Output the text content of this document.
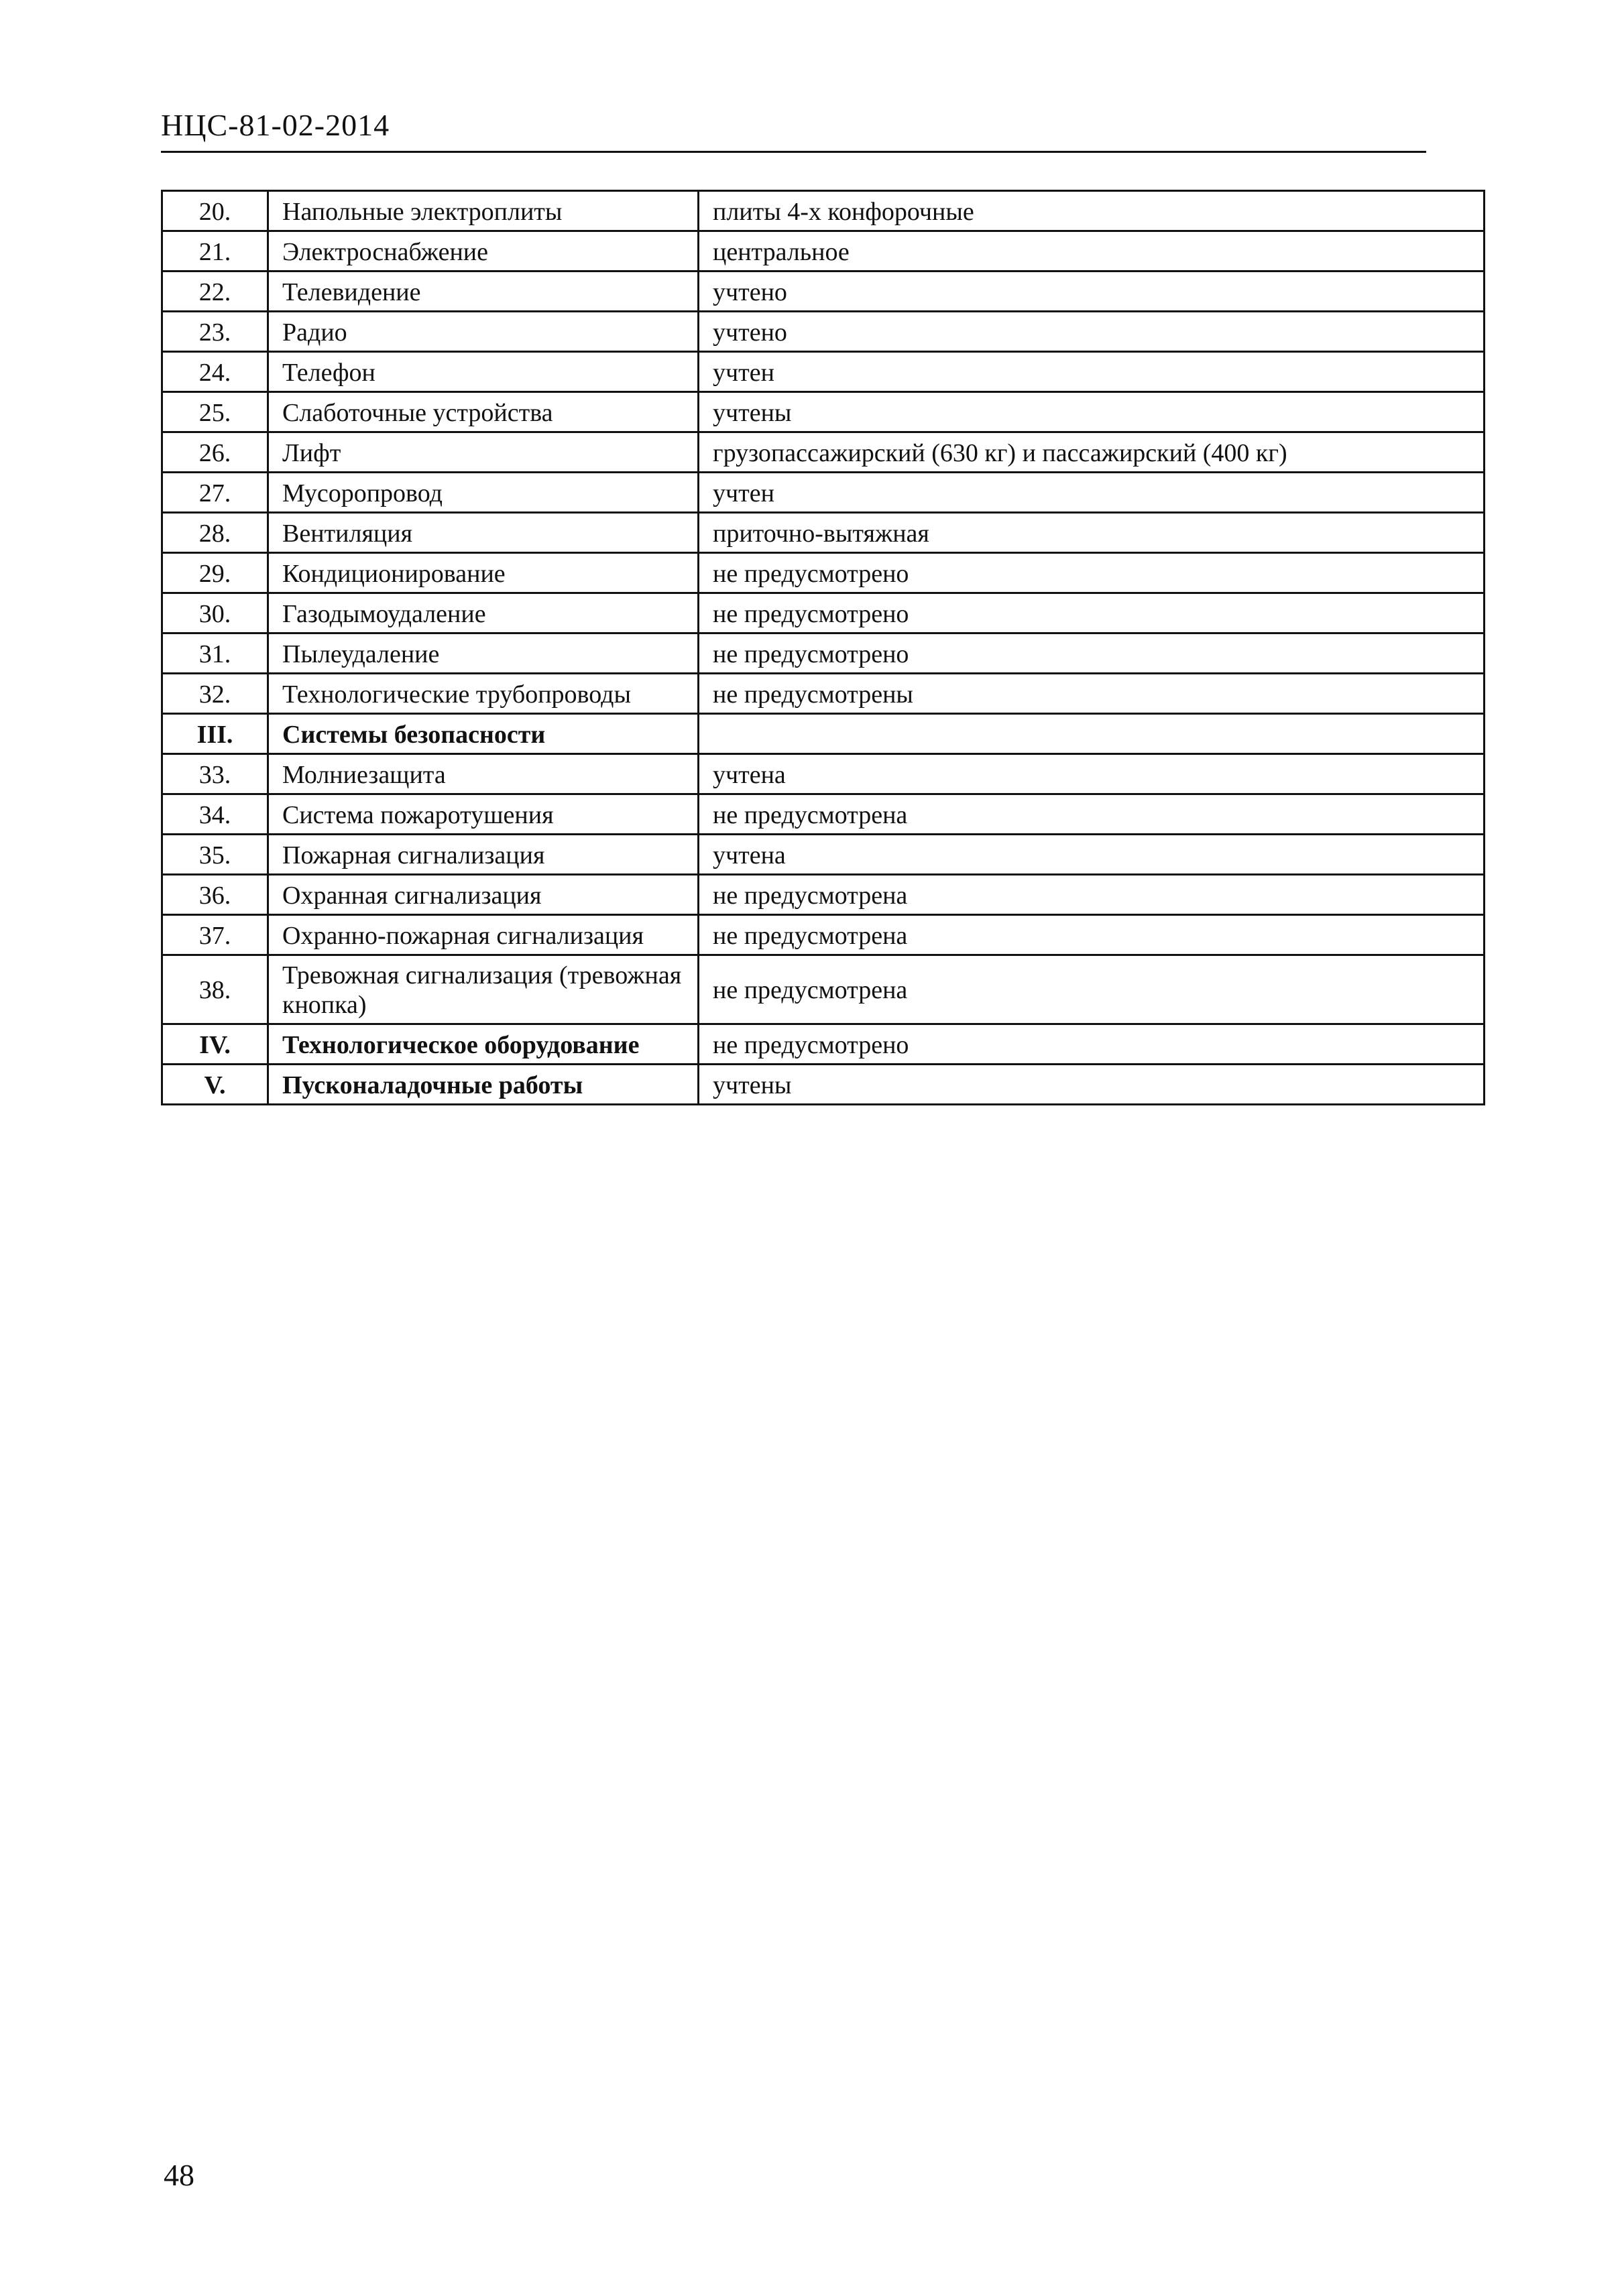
НЦС-81-02-2014
20.	Напольные электроплиты	плиты 4-х конфорочные
21.	Электроснабжение	центральное
22.	Телевидение	учтено
23.	Радио	учтено
24.	Телефон	учтен
25.	Слаботочные устройства	учтены
26.	Лифт	грузопассажирский (630 кг) и пассажирский (400 кг)
27.	Мусоропровод	учтен
28.	Вентиляция	приточно-вытяжная
29.	Кондиционирование	не предусмотрено
30.	Газодымоудаление	не предусмотрено
31.	Пылеудаление	не предусмотрено
32.	Технологические трубопроводы	не предусмотрены
III.	Системы безопасности	
33.	Молниезащита	учтена
34.	Система пожаротушения	не предусмотрена
35.	Пожарная сигнализация	учтена
36.	Охранная сигнализация	не предусмотрена
37.	Охранно-пожарная сигнализация	не предусмотрена
38.	Тревожная сигнализация (тревожная кнопка)	не предусмотрена
IV.	Технологическое оборудование	не предусмотрено
V.	Пусконаладочные работы	учтены
48
